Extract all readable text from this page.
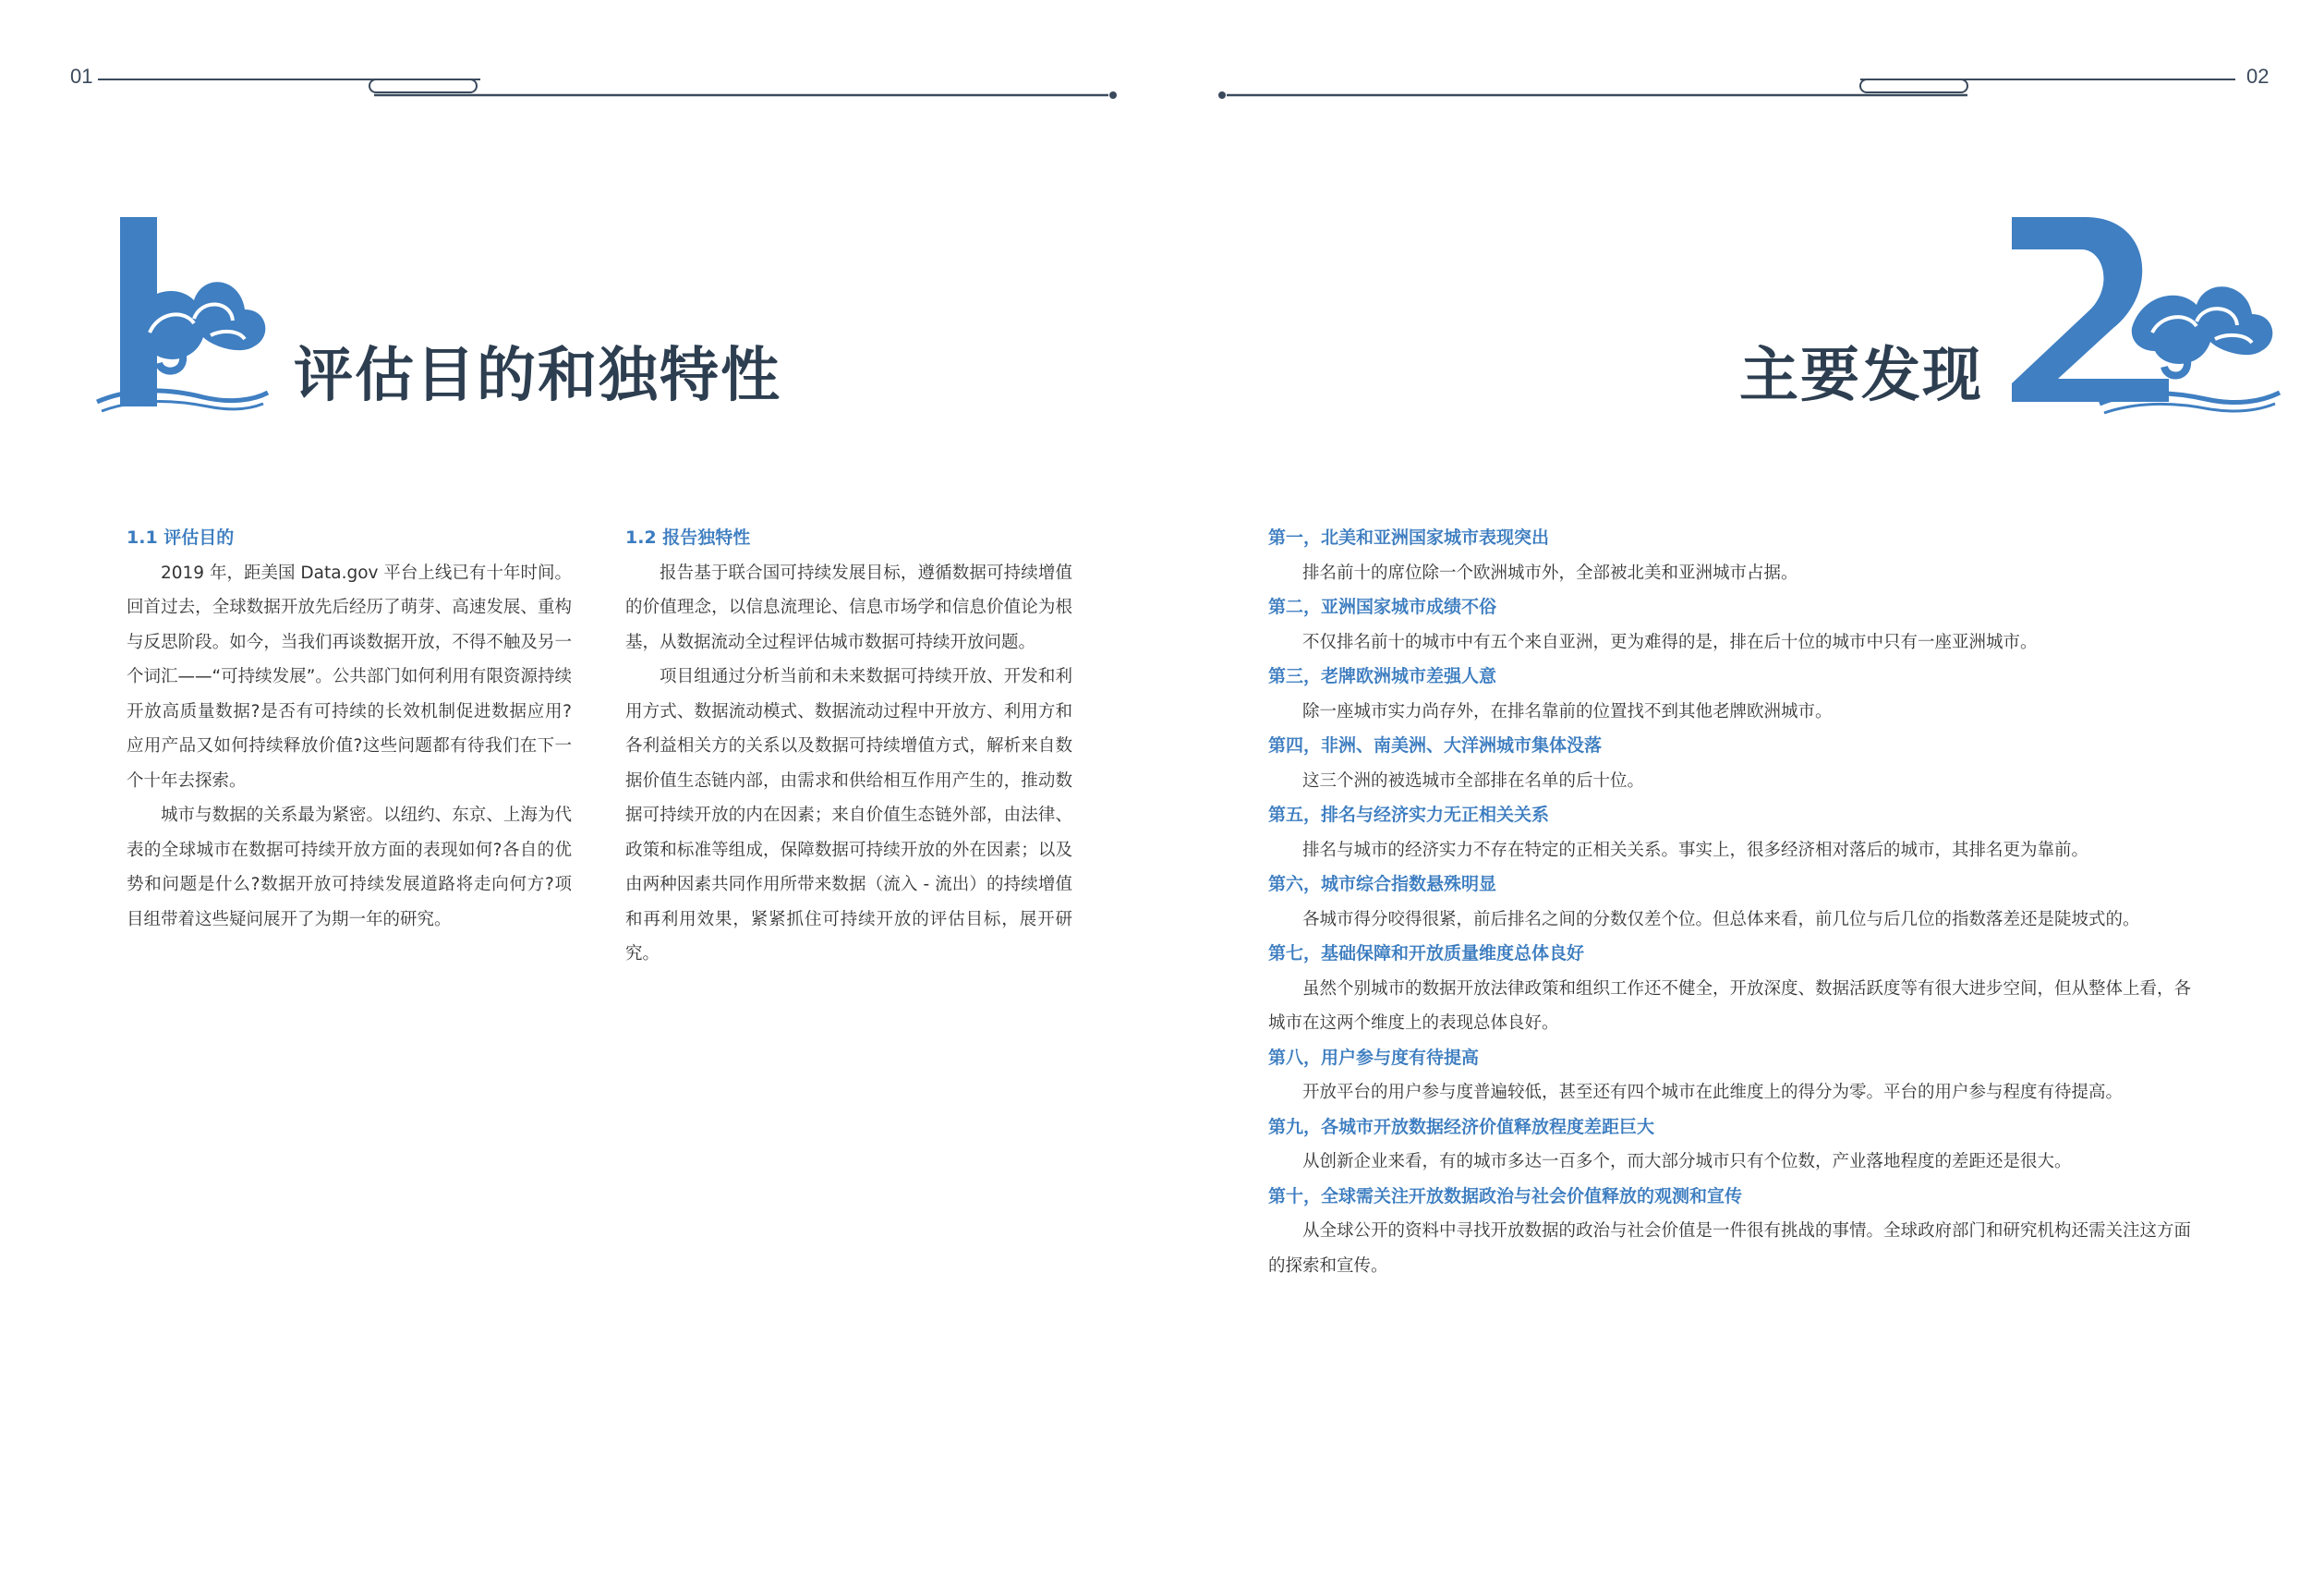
01
评估目的和独特性
1.1 评估目的

2019 年，距美国 Data.gov 平台上线已有十年时间。回首过去，全球数据开放先后经历了萌芽、高速发展、重构与反思阶段。如今，当我们再谈数据开放，不得不触及另一个词汇——“可持续发展”。公共部门如何利用有限资源持续开放高质量数据?是否有可持续的长效机制促进数据应用?应用产品又如何持续释放价值?这些问题都有待我们在下一个十年去探索。

城市与数据的关系最为紧密。以纽约、东京、上海为代表的全球城市在数据可持续开放方面的表现如何?各自的优势和问题是什么?数据开放可持续发展道路将走向何方?项目组带着这些疑问展开了为期一年的研究。

1.2 报告独特性

报告基于联合国可持续发展目标，遵循数据可持续增值的价值理念，以信息流理论、信息市场学和信息价值论为根基，从数据流动全过程评估城市数据可持续开放问题。

项目组通过分析当前和未来数据可持续开放、开发和利用方式、数据流动模式、数据流动过程中开放方、利用方和各利益相关方的关系以及数据可持续增值方式，解析来自数据价值生态链内部，由需求和供给相互作用产生的，推动数据可持续开放的内在因素；来自价值生态链外部，由法律、政策和标准等组成，保障数据可持续开放的外在因素；以及由两种因素共同作用所带来数据（流入 - 流出）的持续增值和再利用效果，紧紧抓住可持续开放的评估目标，展开研究。

02
主要发现
第一，北美和亚洲国家城市表现突出

排名前十的席位除一个欧洲城市外，全部被北美和亚洲城市占据。

第二，亚洲国家城市成绩不俗

不仅排名前十的城市中有五个来自亚洲，更为难得的是，排在后十位的城市中只有一座亚洲城市。

第三，老牌欧洲城市差强人意

除一座城市实力尚存外，在排名靠前的位置找不到其他老牌欧洲城市。

第四，非洲、南美洲、大洋洲城市集体没落

这三个洲的被选城市全部排在名单的后十位。

第五，排名与经济实力无正相关关系

排名与城市的经济实力不存在特定的正相关关系。事实上，很多经济相对落后的城市，其排名更为靠前。

第六，城市综合指数悬殊明显

各城市得分咬得很紧，前后排名之间的分数仅差个位。但总体来看，前几位与后几位的指数落差还是陡坡式的。

第七，基础保障和开放质量维度总体良好

虽然个别城市的数据开放法律政策和组织工作还不健全，开放深度、数据活跃度等有很大进步空间，但从整体上看，各城市在这两个维度上的表现总体良好。

第八，用户参与度有待提高

开放平台的用户参与度普遍较低，甚至还有四个城市在此维度上的得分为零。平台的用户参与程度有待提高。

第九，各城市开放数据经济价值释放程度差距巨大

从创新企业来看，有的城市多达一百多个，而大部分城市只有个位数，产业落地程度的差距还是很大。

第十，全球需关注开放数据政治与社会价值释放的观测和宣传

从全球公开的资料中寻找开放数据的政治与社会价值是一件很有挑战的事情。全球政府部门和研究机构还需关注这方面的探索和宣传。
